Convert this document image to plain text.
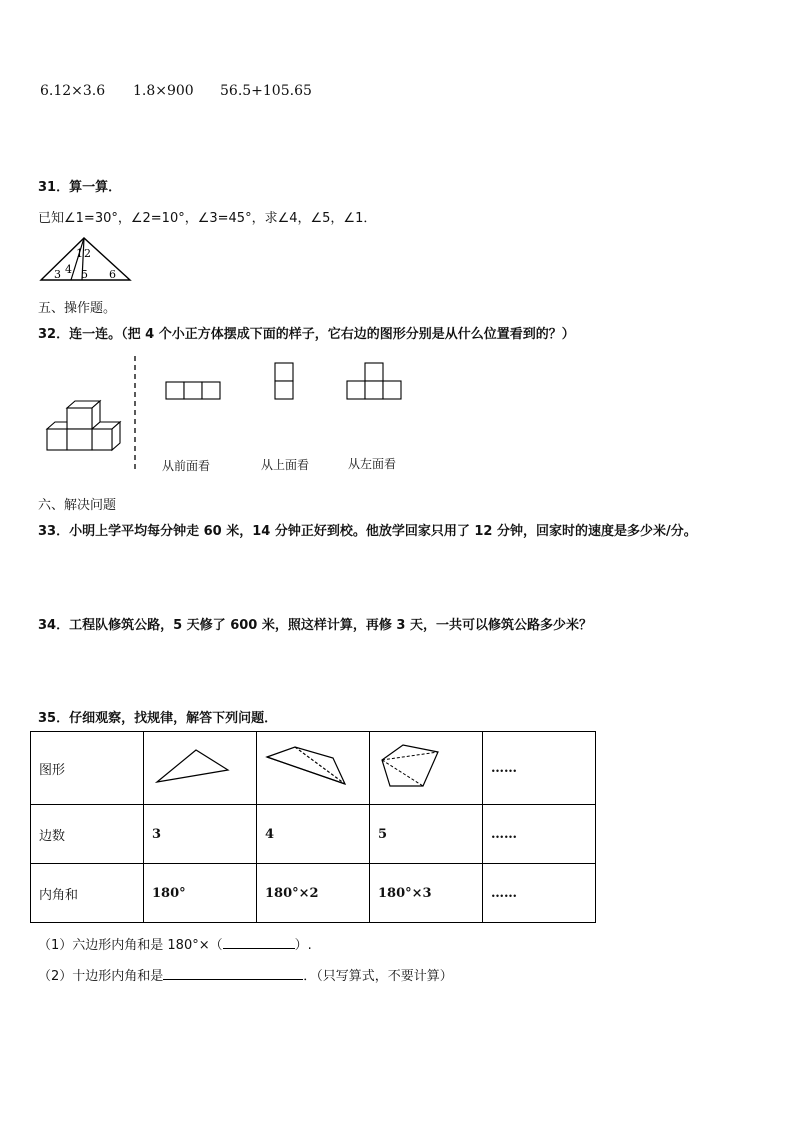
6.12×3.6 1.8×900 56.5+105.65
31．算一算．
已知∠1=30°，∠2=10°，∠3=45°，求∠4，∠5，∠1．
1 2
3 4 5 6
五、操作题。
32．连一连。（把 4 个小正方体摆成下面的样子，它右边的图形分别是从什么位置看到的？）
从前面看	从上面看	从左面看
六、解决问题
33．小明上学平均每分钟走 60 米，14 分钟正好到校。他放学回家只用了 12 分钟，回家时的速度是多少米/分。
34．工程队修筑公路，5 天修了 600 米，照这样计算，再修 3 天，一共可以修筑公路多少米？
35．仔细观察，找规律，解答下列问题．
图形				……
边数	3	4	5	……
内角和	180°	180°×2	180°×3	……
（1）六边形内角和是 180°×（	）.
（2）十边形内角和是	．（只写算式，不要计算）
